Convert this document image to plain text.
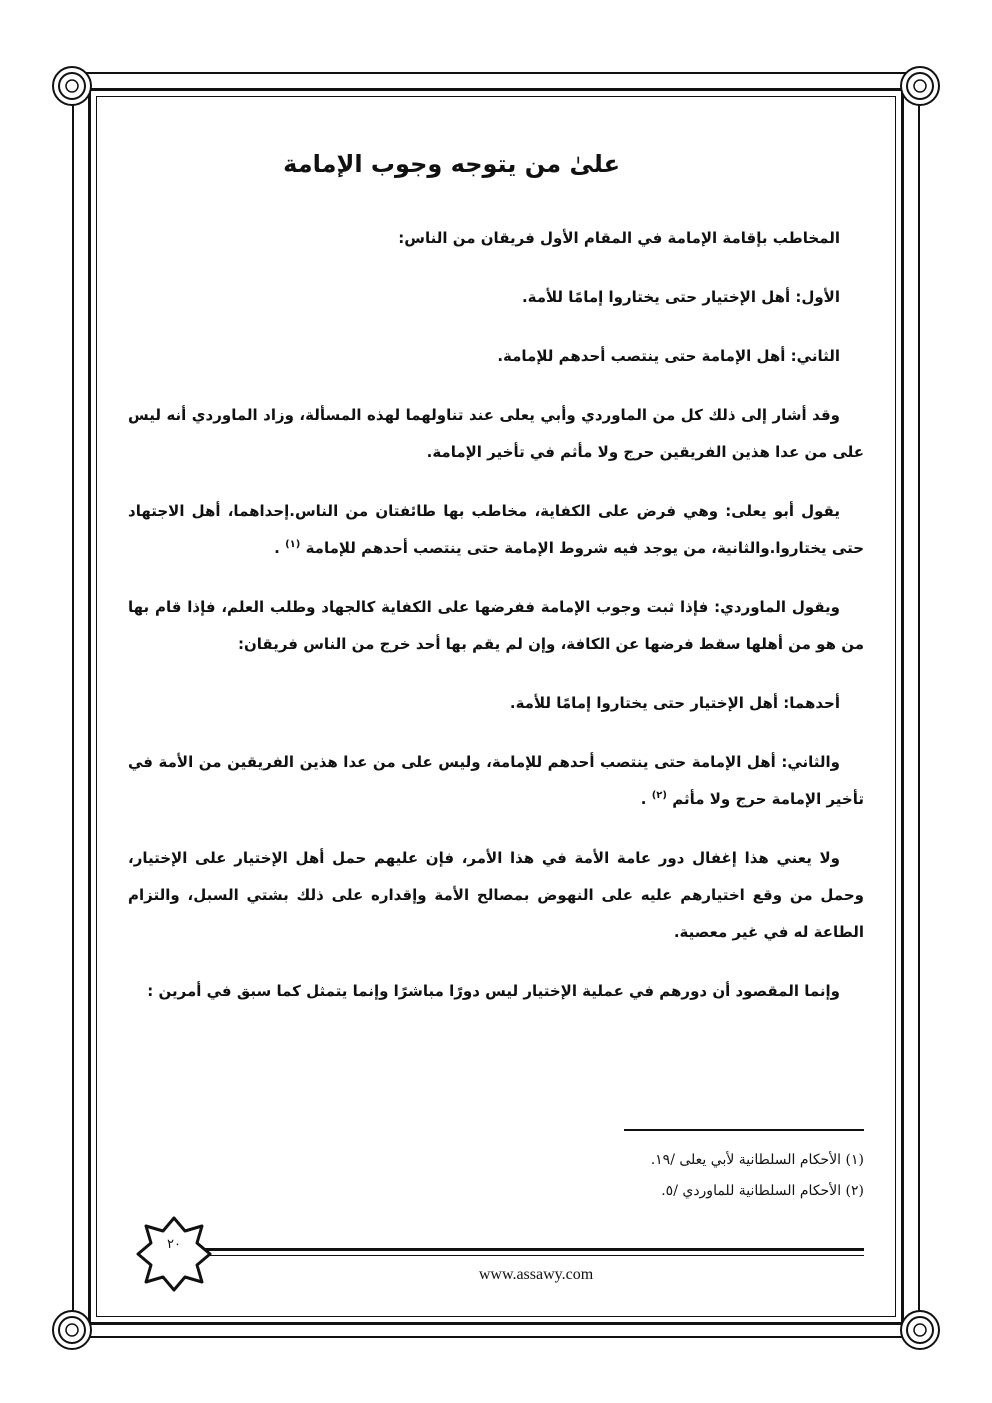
علىٰ من يتوجه وجوب الإمامة

المخاطب بإقامة الإمامة في المقام الأول فريقان من الناس:

الأول: أهل الإختيار حتى يختاروا إمامًا للأمة.

الثاني: أهل الإمامة حتى ينتصب أحدهم للإمامة.

وقد أشار إلى ذلك كل من الماوردي وأبي يعلى عند تناولهما لهذه المسألة، وزاد الماوردي أنه ليس على من عدا هذين الفريقين حرج ولا مأثم في تأخير الإمامة.

يقول أبو يعلى: وهي فرض على الكفاية، مخاطب بها طائفتان من الناس.إحداهما، أهل الاجتهاد حتى يختاروا.والثانية، من يوجد فيه شروط الإمامة حتى ينتصب أحدهم للإمامة $^{(١)}$ .

ويقول الماوردي: فإذا ثبت وجوب الإمامة ففرضها على الكفاية كالجهاد وطلب العلم، فإذا قام بها من هو من أهلها سقط فرضها عن الكافة، وإن لم يقم بها أحد خرج من الناس فريقان:

أحدهما: أهل الإختيار حتى يختاروا إمامًا للأمة.

والثاني: أهل الإمامة حتى ينتصب أحدهم للإمامة، وليس على من عدا هذين الفريقين من الأمة في تأخير الإمامة حرج ولا مأثم $^{(٢)}$ .

ولا يعني هذا إغفال دور عامة الأمة في هذا الأمر، فإن عليهم حمل أهل الإختيار على الإختيار، وحمل من وقع اختيارهم عليه على النهوض بمصالح الأمة وإقداره على ذلك بشتي السبل، والتزام الطاعة له في غير معصية.

وإنما المقصود أن دورهم في عملية الإختيار ليس دورًا مباشرًا وإنما يتمثل كما سبق في أمرين :

(١) الأحكام السلطانية لأبي يعلى /١٩.
(٢) الأحكام السلطانية للماوردي /٥.
٢٠
www.assawy.com
